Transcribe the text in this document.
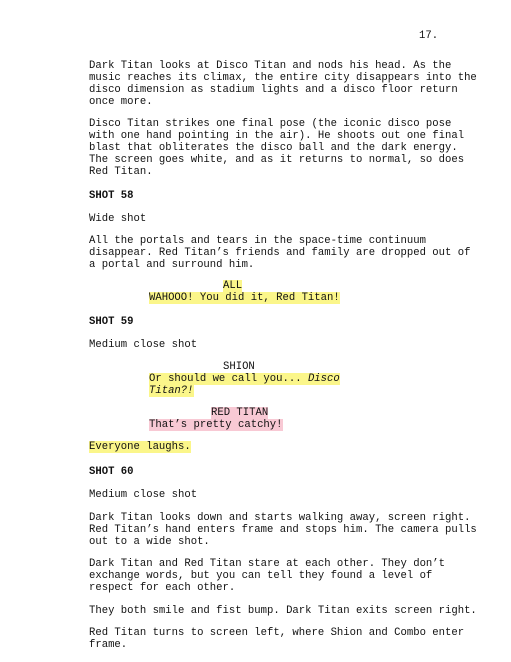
17.
Dark Titan looks at Disco Titan and nods his head. As the
music reaches its climax, the entire city disappears into the
disco dimension as stadium lights and a disco floor return
once more.
Disco Titan strikes one final pose (the iconic disco pose
with one hand pointing in the air). He shoots out one final
blast that obliterates the disco ball and the dark energy.
The screen goes white, and as it returns to normal, so does
Red Titan.
SHOT 58
Wide shot
All the portals and tears in the space-time continuum
disappear. Red Titan’s friends and family are dropped out of
a portal and surround him.
ALL
WAHOOO! You did it, Red Titan!
SHOT 59
Medium close shot
SHION
Or should we call you... Disco
Titan?!
RED TITAN
That’s pretty catchy!
Everyone laughs.
SHOT 60
Medium close shot
Dark Titan looks down and starts walking away, screen right.
Red Titan’s hand enters frame and stops him. The camera pulls
out to a wide shot.
Dark Titan and Red Titan stare at each other. They don’t
exchange words, but you can tell they found a level of
respect for each other.
They both smile and fist bump. Dark Titan exits screen right.
Red Titan turns to screen left, where Shion and Combo enter
frame.
